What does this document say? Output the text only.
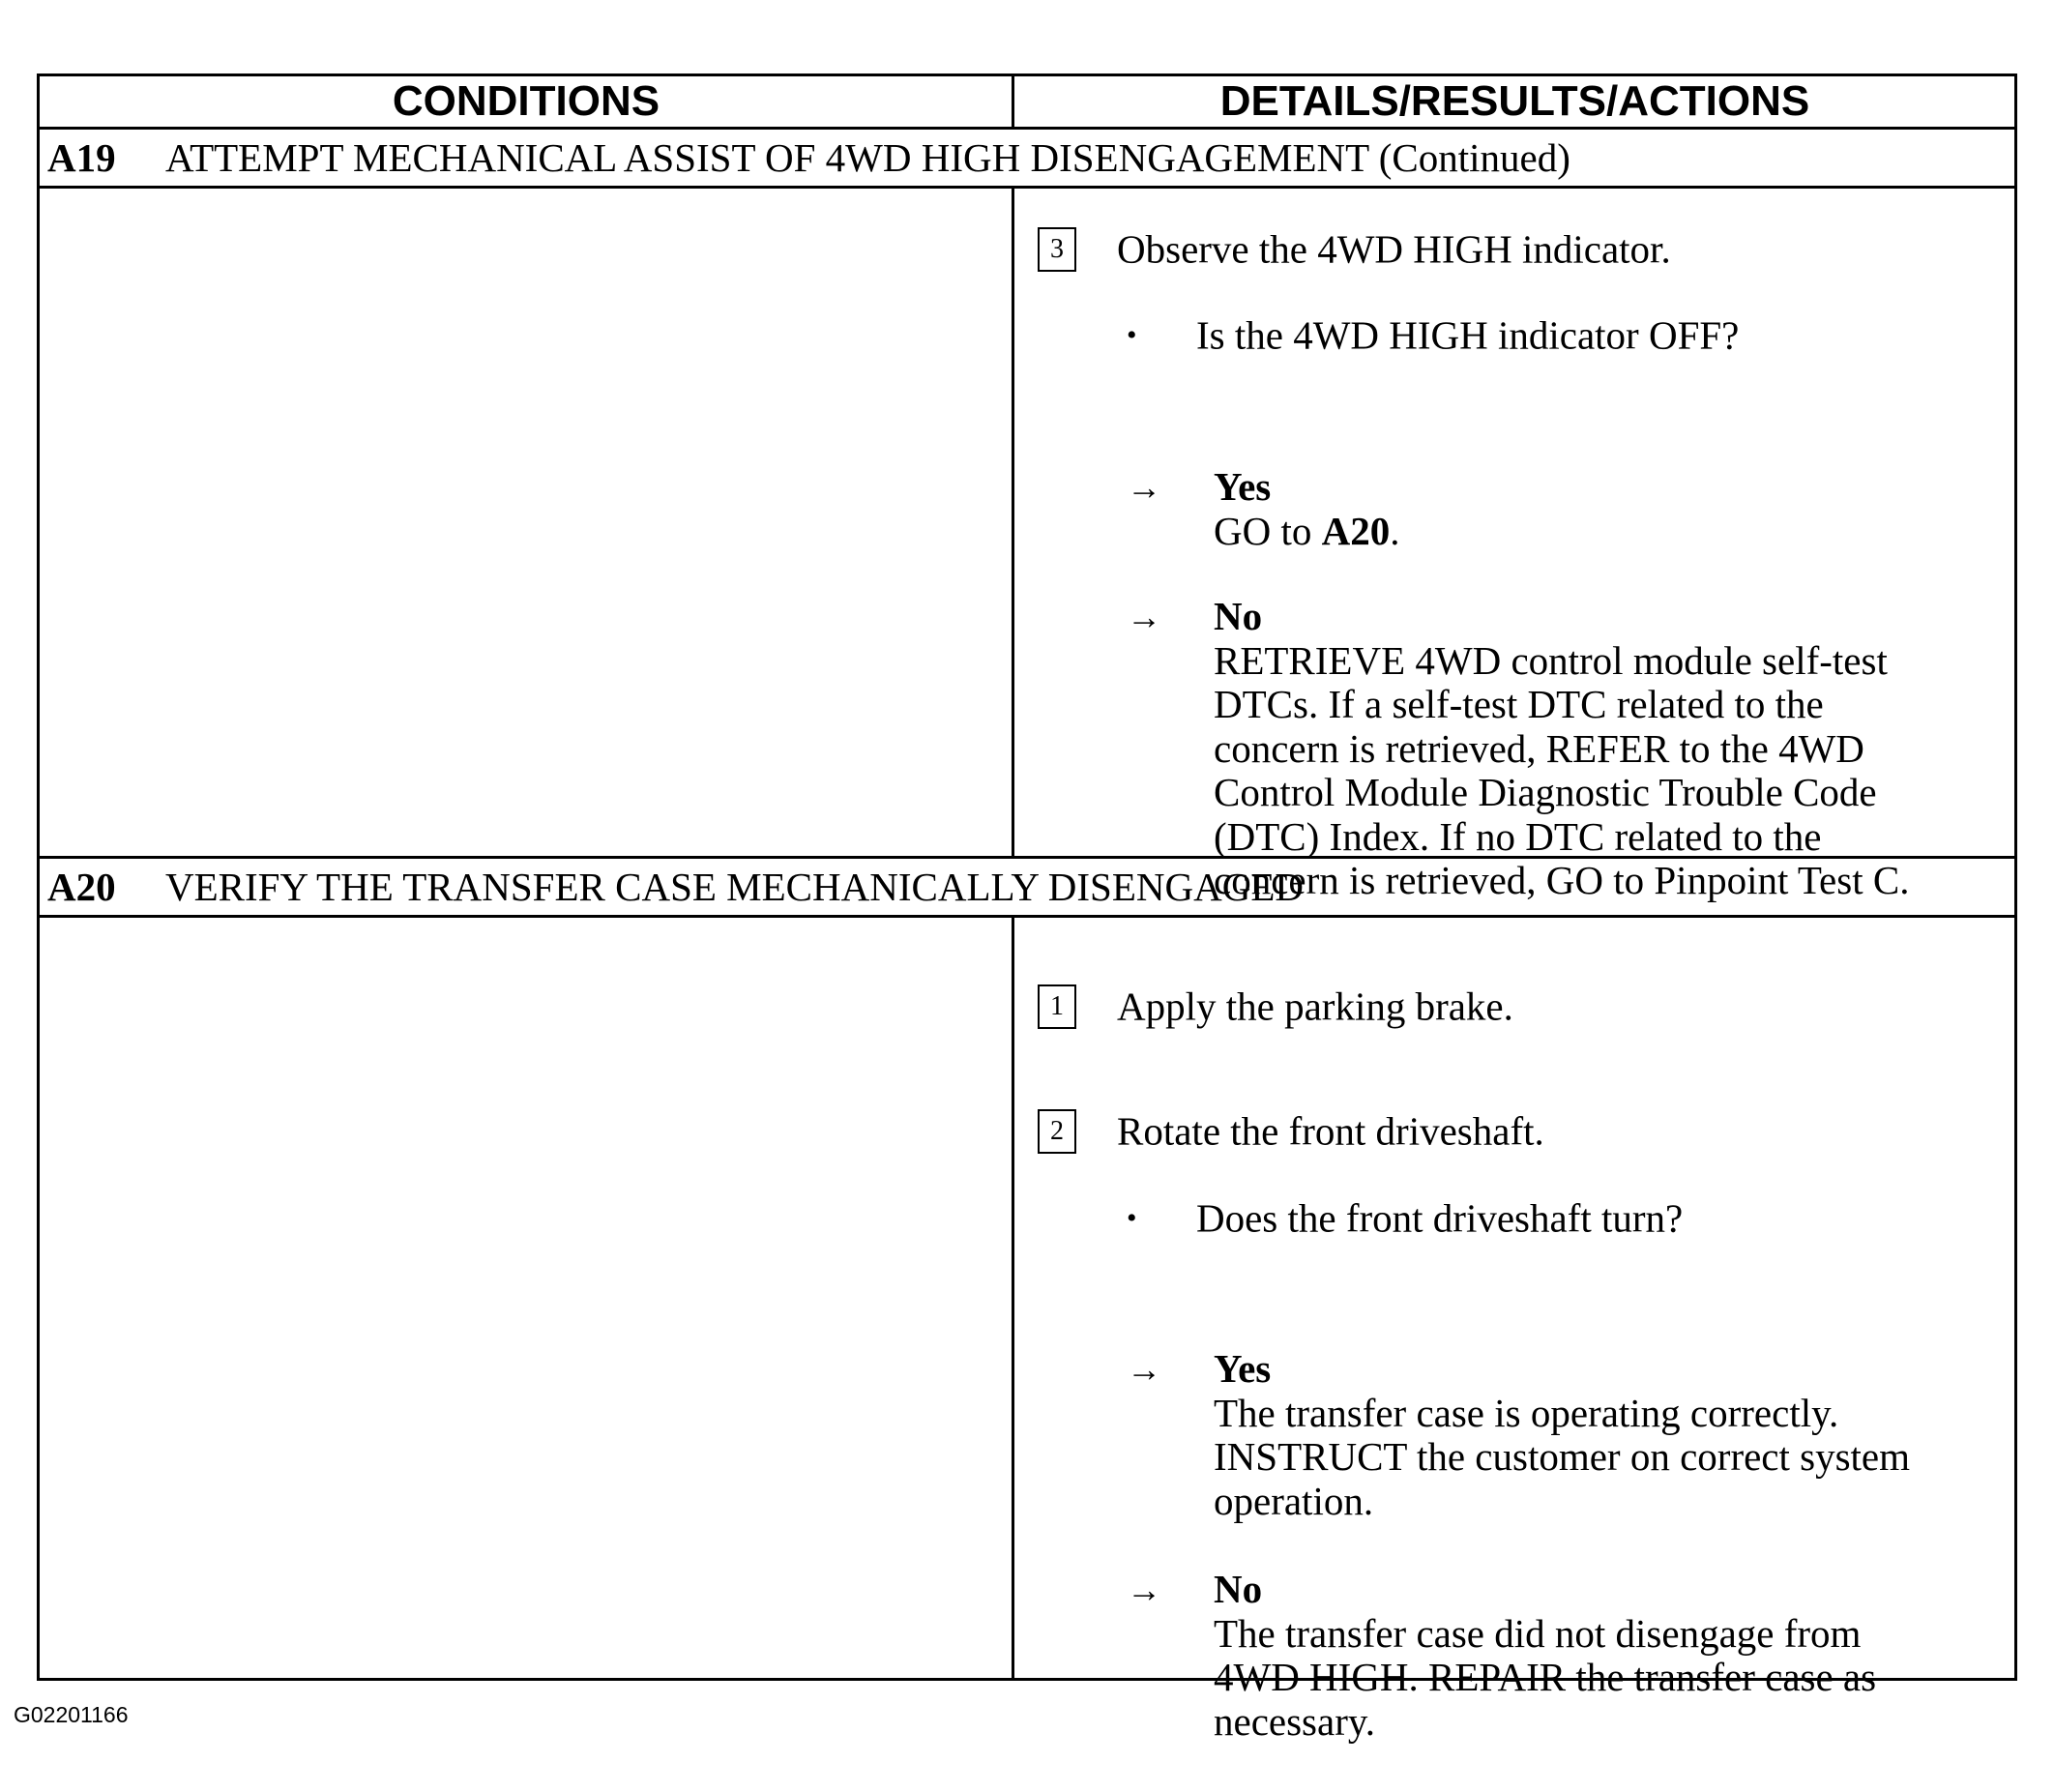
CONDITIONS	DETAILS/RESULTS/ACTIONS
A19 ATTEMPT MECHANICAL ASSIST OF 4WD HIGH DISENGAGEMENT (Continued)
3 Observe the 4WD HIGH indicator.
• Is the 4WD HIGH indicator OFF?
→ Yes
GO to A20.
→ No
RETRIEVE 4WD control module self-test
DTCs. If a self-test DTC related to the
concern is retrieved, REFER to the 4WD
Control Module Diagnostic Trouble Code
(DTC) Index. If no DTC related to the
concern is retrieved, GO to Pinpoint Test C.
A20 VERIFY THE TRANSFER CASE MECHANICALLY DISENGAGED
1 Apply the parking brake.
2 Rotate the front driveshaft.
• Does the front driveshaft turn?
→ Yes
The transfer case is operating correctly.
INSTRUCT the customer on correct system
operation.
→ No
The transfer case did not disengage from
4WD HIGH. REPAIR the transfer case as
necessary.
G02201166
